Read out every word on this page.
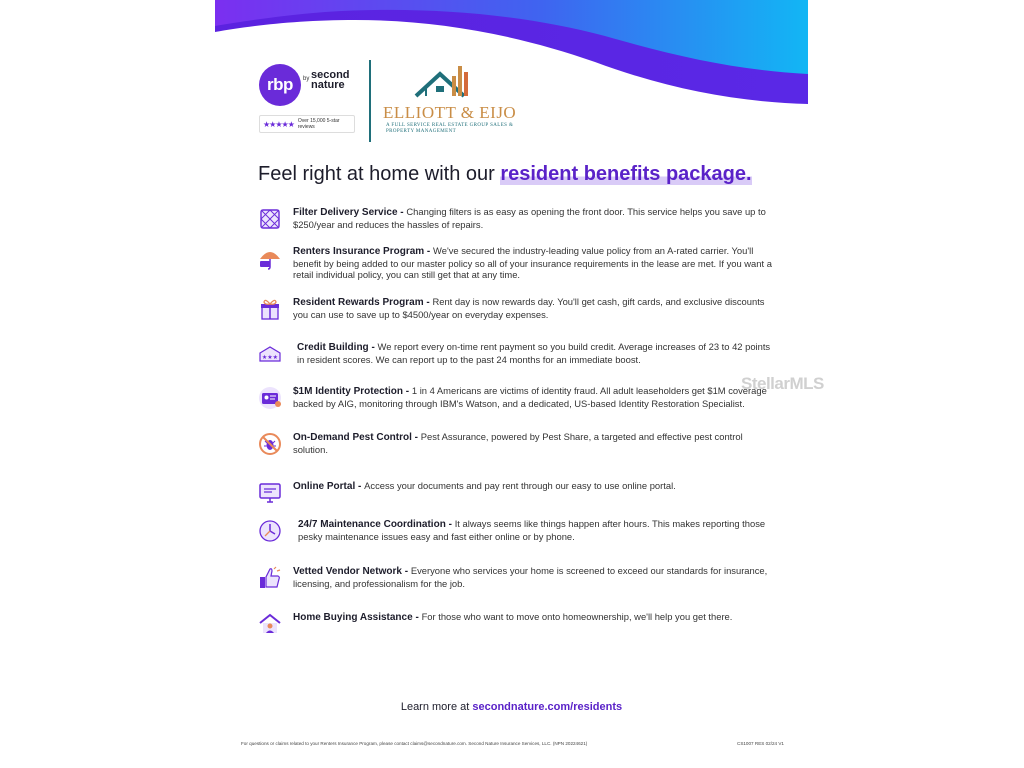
rbp by second nature
★★★★★ Over 15,000 5-star reviews
ELLIOTT & EIJO
A FULL SERVICE REAL ESTATE GROUP SALES & PROPERTY MANAGEMENT
Feel right at home with our resident benefits package.
Filter Delivery Service - Changing filters is as easy as opening the front door. This service helps you save up to $250/year and reduces the hassles of repairs.
Renters Insurance Program - We've secured the industry-leading value policy from an A-rated carrier. You'll benefit by being added to our master policy so all of your insurance requirements in the lease are met. If you want a retail individual policy, you can still get that at any time.
Resident Rewards Program - Rent day is now rewards day. You'll get cash, gift cards, and exclusive discounts you can use to save up to $4500/year on everyday expenses.
★★★
Credit Building - We report every on-time rent payment so you build credit. Average increases of 23 to 42 points in resident scores. We can report up to the past 24 months for an immediate boost.
$1M Identity Protection - 1 in 4 Americans are victims of identity fraud. All adult leaseholders get $1M coverage backed by AIG, monitoring through IBM's Watson, and a dedicated, US-based Identity Restoration Specialist.
On-Demand Pest Control - Pest Assurance, powered by Pest Share, a targeted and effective pest control solution.
Online Portal - Access your documents and pay rent through our easy to use online portal.
24/7 Maintenance Coordination - It always seems like things happen after hours. This makes reporting those pesky maintenance issues easy and fast either online or by phone.
Vetted Vendor Network - Everyone who services your home is screened to exceed our standards for insurance, licensing, and professionalism for the job.
Home Buying Assistance - For those who want to move onto homeownership, we'll help you get there.
StellarMLS
Learn more at secondnature.com/residents
For questions or claims related to your Renters Insurance Program, please contact claims@secondnature.com. Second Nature Insurance Services, LLC. (NPN 20224621)	CS1007 RES 02/24 V1
